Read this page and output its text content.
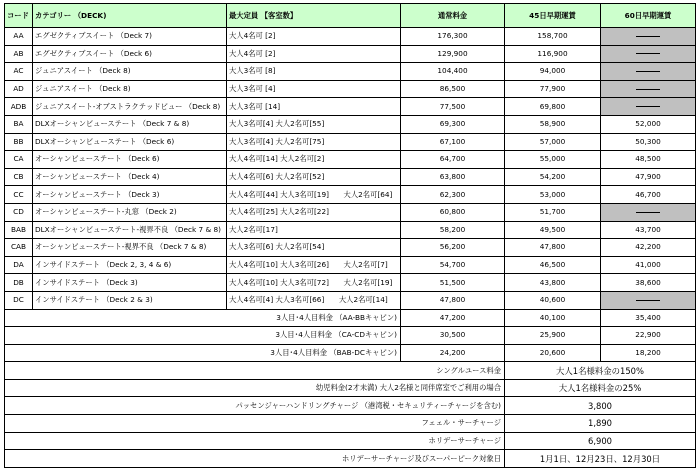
コード	カテゴリー （DECK)	最大定員 【客室数】	通常料金	45日早期運賃	60日早期運賃
AA	エグゼクティブスイート （Deck 7)	大人4名可 [2]	176,300	158,700	
AB	エグゼクティブスイート （Deck 6)	大人4名可 [2]	129,900	116,900	
AC	ジュニアスイート （Deck 8)	大人3名可 [8]	104,400	94,000	
AD	ジュニアスイート （Deck 8)	大人3名可 [4]	86,500	77,900	
ADB	ジュニアスイート-オブストラクテッドビュー （Deck 8)	大人3名可 [14]	77,500	69,800	
BA	DLXオーシャンビューステート （Deck 7 & 8)	大人3名可[4] 大人2名可[55]	69,300	58,900	52,000
BB	DLXオーシャンビューステート （Deck 6)	大人3名可[4] 大人2名可[75]	67,100	57,000	50,300
CA	オーシャンビューステート （Deck 6)	大人4名可[14] 大人2名可[2]	64,700	55,000	48,500
CB	オーシャンビューステート （Deck 4)	大人4名可[6] 大人2名可[52]	63,800	54,200	47,900
CC	オーシャンビューステート （Deck 3)	大人4名可[44] 大人3名可[19]　　大人2名可[64]	62,300	53,000	46,700
CD	オーシャンビューステート-丸窓 （Deck 2)	大人4名可[25] 大人2名可[22]	60,800	51,700	
BAB	DLXオーシャンビューステート-視界不良 （Deck 7 & 8)	大人2名可[17]	58,200	49,500	43,700
CAB	オーシャンビューステート-視界不良 （Deck 7 & 8)	大人3名可[6] 大人2名可[54]	56,200	47,800	42,200
DA	インサイドステート （Deck 2, 3, 4 & 6)	大人4名可[10] 大人3名可[26]　　大人2名可[7]	54,700	46,500	41,000
DB	インサイドステート （Deck 3)	大人4名可[10] 大人3名可[72]　　大人2名可[19]	51,500	43,800	38,600
DC	インサイドステート （Deck 2 & 3)	大人4名可[4] 大人3名可[66]　　大人2名可[14]	47,800	40,600	
3人目･4人目料金 （AA-BBキャビン)			47,200	40,100	35,400
3人目･4人目料金 （CA-CDキャビン)			30,500	25,900	22,900
3人目･4人目料金 （BAB-DCキャビン)			24,200	20,600	18,200
シングルユース料金				大人1名様料金の150%	
幼児料金(2才未満) 大人2名様と同伴席室でご利用の場合				大人1名様料金の25%	
パッセンジャーハンドリングチャージ （港湾税・セキュリティーチャージを含む)				3,800	
フェェル・サーチャージ				1,890	
ホリデーサーチャージ				6,900	
ホリデーサーチャージ及びスーパーピーク対象日				1月1日、12月23日、12月30日	
